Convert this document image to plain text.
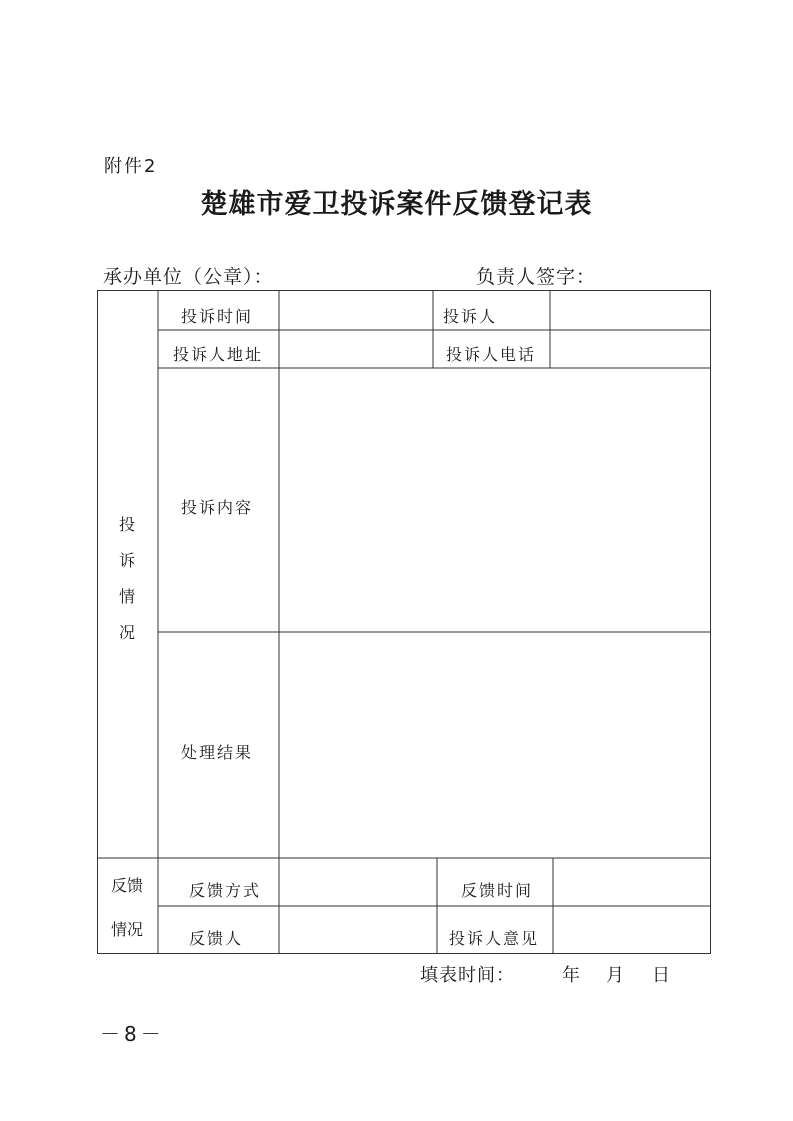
附件2
楚雄市爱卫投诉案件反馈登记表
承办单位（公章）：	负责人签字：
投
诉
情
况
投诉时间	投诉人
投诉人地址	投诉人电话
投诉内容
处理结果
反馈
情况
反馈方式	反馈时间
反馈人	投诉人意见
填表时间：	年 月 日
－8－
